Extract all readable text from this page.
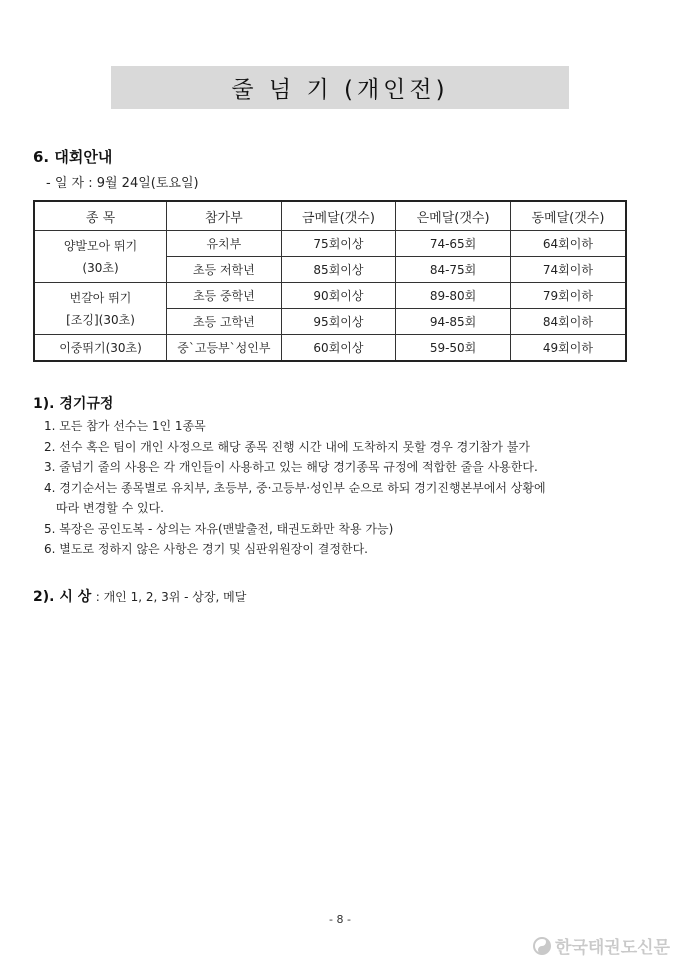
줄 넘 기 (개인전)
6. 대회안내
- 일 자 : 9월 24일(토요일)
종 목	참가부	금메달(갯수)	은메달(갯수)	동메달(갯수)

양발모아 뛰기
(30초)	유치부	75회이상	74-65회	64회이하
	초등 저학년	85회이상	84-75회	74회이하

번갈아 뛰기
[조깅](30초)	초등 중학년	90회이상	89-80회	79회이하
	초등 고학년	95회이상	94-85회	84회이하
이중뛰기(30초)	중`고등부`성인부	60회이상	59-50회	49회이하
1). 경기규정
1. 모든 참가 선수는 1인 1종목
2. 선수 혹은 팀이 개인 사정으로 해당 종목 진행 시간 내에 도착하지 못할 경우 경기참가 불가
3. 줄넘기 줄의 사용은 각 개인들이 사용하고 있는 해당 경기종목 규정에 적합한 줄을 사용한다.
4. 경기순서는 종목별로 유치부, 초등부, 중·고등부·성인부 순으로 하되 경기진행본부에서 상황에
따라 변경할 수 있다.
5. 복장은 공인도복 - 상의는 자유(맨발출전, 태권도화만 착용 가능)
6. 별도로 정하지 않은 사항은 경기 및 심판위원장이 결정한다.
2). 시 상 : 개인 1, 2, 3위 - 상장, 메달
- 8 -
한국태권도신문
